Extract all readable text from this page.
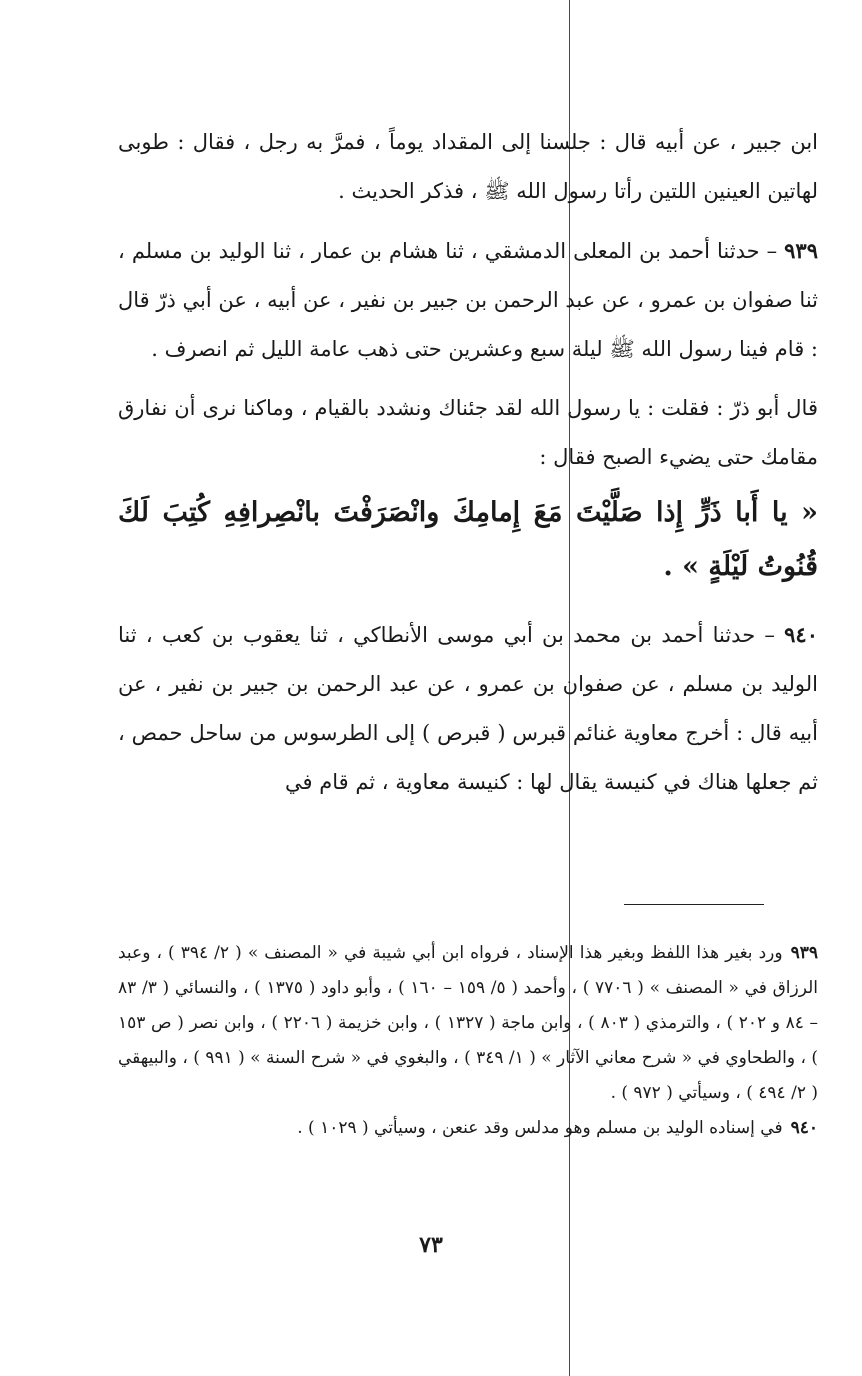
ابن جبير ، عن أبيه قال : جلسنا إلى المقداد يوماً ، فمرَّ به رجل ، فقال : طوبى لهاتين العينين اللتين رأتا رسول الله ﷺ ، فذكر الحديث .

٩٣٩ – حدثنا أحمد بن المعلى الدمشقي ، ثنا هشام بن عمار ، ثنا الوليد بن مسلم ، ثنا صفوان بن عمرو ، عن عبد الرحمن بن جبير بن نفير ، عن أبيه ، عن أبي ذرّ قال : قام فينا رسول الله ﷺ ليلة سبع وعشرين حتى ذهب عامة الليل ثم انصرف .

قال أبو ذرّ : فقلت : يا رسول الله لقد جئناك ونشدد بالقيام ، وماكنا نرى أن نفارق مقامك حتى يضيء الصبح فقال :

« يا أَبا ذَرٍّ إِذا صَلَّيْتَ مَعَ إِمامِكَ وانْصَرَفْتَ بانْصِرافِهِ كُتِبَ لَكَ قُنُوتُ لَيْلَةٍ » .

٩٤٠ – حدثنا أحمد بن محمد بن أبي موسى الأنطاكي ، ثنا يعقوب بن كعب ، ثنا الوليد بن مسلم ، عن صفوان بن عمرو ، عن عبد الرحمن بن جبير بن نفير ، عن أبيه قال : أخرج معاوية غنائم قبرس ( قبرص ) إلى الطرسوس من ساحل حمص ، ثم جعلها هناك في كنيسة يقال لها : كنيسة معاوية ، ثم قام في

٩٣٩ورد بغير هذا اللفظ وبغير هذا الإسناد ، فرواه ابن أبي شيبة في « المصنف » ( ٢/ ٣٩٤ ) ، وعبد الرزاق في « المصنف » ( ٧٧٠٦ ) ، وأحمد ( ٥/ ١٥٩ – ١٦٠ ) ، وأبو داود ( ١٣٧٥ ) ، والنسائي ( ٣/ ٨٣ – ٨٤ و ٢٠٢ ) ، والترمذي ( ٨٠٣ ) ، وابن ماجة ( ١٣٢٧ ) ، وابن خزيمة ( ٢٢٠٦ ) ، وابن نصر ( ص ١٥٣ ) ، والطحاوي في « شرح معاني الآثار » ( ١/ ٣٤٩ ) ، والبغوي في « شرح السنة » ( ٩٩١ ) ، والبيهقي ( ٢/ ٤٩٤ ) ، وسيأتي ( ٩٧٢ ) .

٩٤٠في إسناده الوليد بن مسلم وهو مدلس وقد عنعن ، وسيأتي ( ١٠٢٩ ) .

٧٣
